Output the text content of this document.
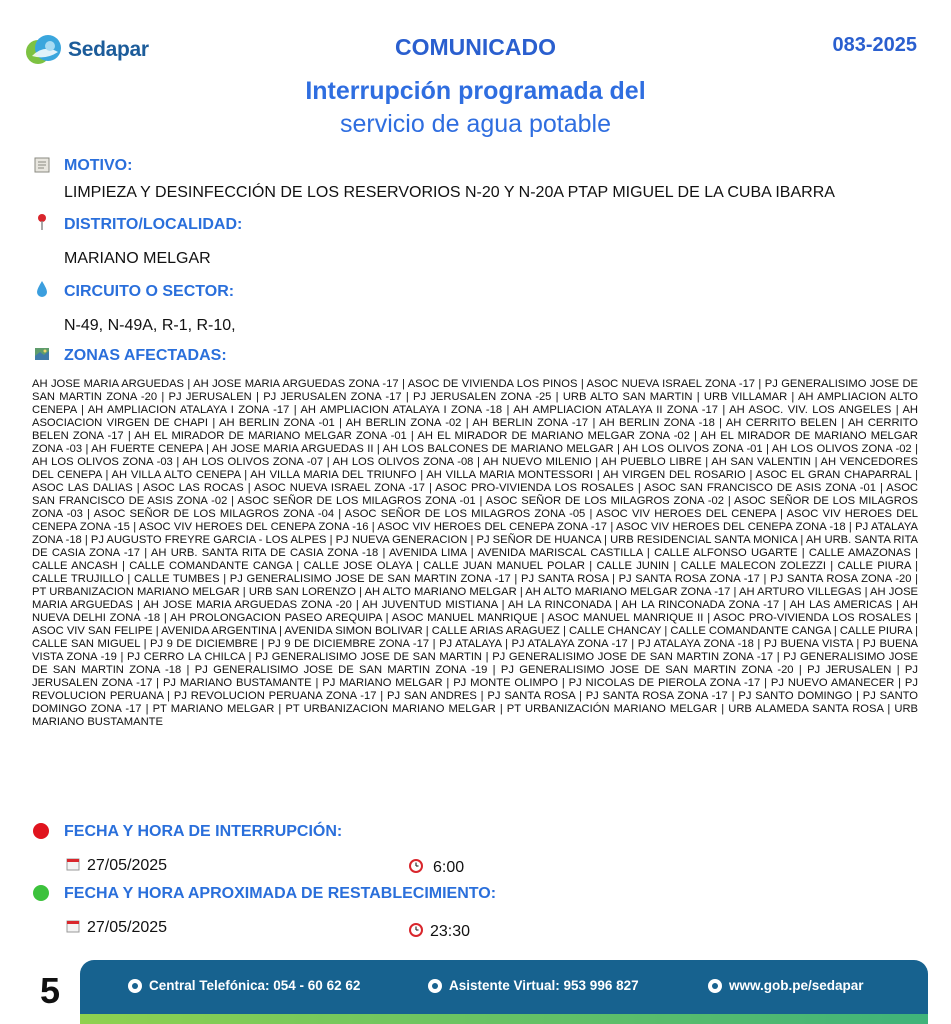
Sedapar	COMUNICADO	083-2025
Interrupción programada del
servicio de agua potable
MOTIVO:
LIMPIEZA Y DESINFECCIÓN DE LOS RESERVORIOS N-20 Y N-20A PTAP MIGUEL DE LA CUBA IBARRA
DISTRITO/LOCALIDAD:
MARIANO MELGAR
CIRCUITO O SECTOR:
N-49, N-49A, R-1, R-10,
ZONAS AFECTADAS:
AH JOSE MARIA ARGUEDAS | AH JOSE MARIA ARGUEDAS ZONA -17 | ASOC DE VIVIENDA LOS PINOS | ASOC NUEVA ISRAEL ZONA -17 | PJ GENERALISIMO JOSE DE SAN MARTIN ZONA -20 | PJ JERUSALEN | PJ JERUSALEN ZONA -17 | PJ JERUSALEN ZONA -25 | URB ALTO SAN MARTIN | URB VILLAMAR | AH AMPLIACION ALTO CENEPA | AH AMPLIACION ATALAYA I ZONA -17 | AH AMPLIACION ATALAYA I ZONA -18 | AH AMPLIACION ATALAYA II ZONA -17 | AH ASOC. VIV. LOS ANGELES | AH ASOCIACION VIRGEN DE CHAPI | AH BERLIN ZONA -01 | AH BERLIN ZONA -02 | AH BERLIN ZONA -17 | AH BERLIN ZONA -18 | AH CERRITO BELEN | AH CERRITO BELEN ZONA -17 | AH EL MIRADOR DE MARIANO MELGAR ZONA -01 | AH EL MIRADOR DE MARIANO MELGAR ZONA -02 | AH EL MIRADOR DE MARIANO MELGAR ZONA -03 | AH FUERTE CENEPA | AH JOSE MARIA ARGUEDAS II | AH LOS BALCONES DE MARIANO MELGAR | AH LOS OLIVOS ZONA -01 | AH LOS OLIVOS ZONA -02 | AH LOS OLIVOS ZONA -03 | AH LOS OLIVOS ZONA -07 | AH LOS OLIVOS ZONA -08 | AH NUEVO MILENIO | AH PUEBLO LIBRE | AH SAN VALENTIN | AH VENCEDORES DEL CENEPA | AH VILLA ALTO CENEPA | AH VILLA MARIA DEL TRIUNFO | AH VILLA MARIA MONTESSORI | AH VIRGEN DEL ROSARIO | ASOC EL GRAN CHAPARRAL | ASOC LAS DALIAS | ASOC LAS ROCAS | ASOC NUEVA ISRAEL ZONA -17 | ASOC PRO-VIVIENDA LOS ROSALES | ASOC SAN FRANCISCO DE ASIS ZONA -01 | ASOC SAN FRANCISCO DE ASIS ZONA -02 | ASOC SEÑOR DE LOS MILAGROS ZONA -01 | ASOC SEÑOR DE LOS MILAGROS ZONA -02 | ASOC SEÑOR DE LOS MILAGROS ZONA -03 | ASOC SEÑOR DE LOS MILAGROS ZONA -04 | ASOC SEÑOR DE LOS MILAGROS ZONA -05 | ASOC VIV HEROES DEL CENEPA | ASOC VIV HEROES DEL CENEPA ZONA -15 | ASOC VIV HEROES DEL CENEPA ZONA -16 | ASOC VIV HEROES DEL CENEPA ZONA -17 | ASOC VIV HEROES DEL CENEPA ZONA -18 | PJ ATALAYA ZONA -18 | PJ AUGUSTO FREYRE GARCIA - LOS ALPES | PJ NUEVA GENERACION | PJ SEÑOR DE HUANCA | URB RESIDENCIAL SANTA MONICA | AH URB. SANTA RITA DE CASIA ZONA -17 | AH URB. SANTA RITA DE CASIA ZONA -18 | AVENIDA LIMA | AVENIDA MARISCAL CASTILLA | CALLE ALFONSO UGARTE | CALLE AMAZONAS | CALLE ANCASH | CALLE COMANDANTE CANGA | CALLE JOSE OLAYA | CALLE JUAN MANUEL POLAR | CALLE JUNIN | CALLE MALECON ZOLEZZI | CALLE PIURA | CALLE TRUJILLO | CALLE TUMBES | PJ GENERALISIMO JOSE DE SAN MARTIN ZONA -17 | PJ SANTA ROSA | PJ SANTA ROSA ZONA -17 | PJ SANTA ROSA ZONA -20 | PT URBANIZACION MARIANO MELGAR | URB SAN LORENZO | AH ALTO MARIANO MELGAR | AH ALTO MARIANO MELGAR ZONA -17 | AH ARTURO VILLEGAS | AH JOSE MARIA ARGUEDAS | AH JOSE MARIA ARGUEDAS ZONA -20 | AH JUVENTUD MISTIANA | AH LA RINCONADA | AH LA RINCONADA ZONA -17 | AH LAS AMERICAS | AH NUEVA DELHI ZONA -18 | AH PROLONGACION PASEO AREQUIPA | ASOC MANUEL MANRIQUE | ASOC MANUEL MANRIQUE II | ASOC PRO-VIVIENDA LOS ROSALES | ASOC VIV SAN FELIPE | AVENIDA ARGENTINA | AVENIDA SIMON BOLIVAR | CALLE ARIAS ARAGUEZ | CALLE CHANCAY | CALLE COMANDANTE CANGA | CALLE PIURA | CALLE SAN MIGUEL | PJ 9 DE DICIEMBRE | PJ 9 DE DICIEMBRE ZONA -17 | PJ ATALAYA | PJ ATALAYA ZONA -17 | PJ ATALAYA ZONA -18 | PJ BUENA VISTA | PJ BUENA VISTA ZONA -19 | PJ CERRO LA CHILCA | PJ GENERALISIMO JOSE DE SAN MARTIN | PJ GENERALISIMO JOSE DE SAN MARTIN ZONA -17 | PJ GENERALISIMO JOSE DE SAN MARTIN ZONA -18 | PJ GENERALISIMO JOSE DE SAN MARTIN ZONA -19 | PJ GENERALISIMO JOSE DE SAN MARTIN ZONA -20 | PJ JERUSALEN | PJ JERUSALEN ZONA -17 | PJ MARIANO BUSTAMANTE | PJ MARIANO MELGAR | PJ MONTE OLIMPO | PJ NICOLAS DE PIEROLA ZONA -17 | PJ NUEVO AMANECER | PJ REVOLUCION PERUANA | PJ REVOLUCION PERUANA ZONA -17 | PJ SAN ANDRES | PJ SANTA ROSA | PJ SANTA ROSA ZONA -17 | PJ SANTO DOMINGO | PJ SANTO DOMINGO ZONA -17 | PT MARIANO MELGAR | PT URBANIZACION MARIANO MELGAR | PT URBANIZACIÓN MARIANO MELGAR | URB ALAMEDA SANTA ROSA | URB MARIANO BUSTAMANTE
FECHA Y HORA DE INTERRUPCIÓN:
27/05/2025	6:00
FECHA Y HORA APROXIMADA DE RESTABLECIMIENTO:
27/05/2025	23:30
5	Central Telefónica: 054 - 60 62 62	Asistente Virtual: 953 996 827	www.gob.pe/sedapar
